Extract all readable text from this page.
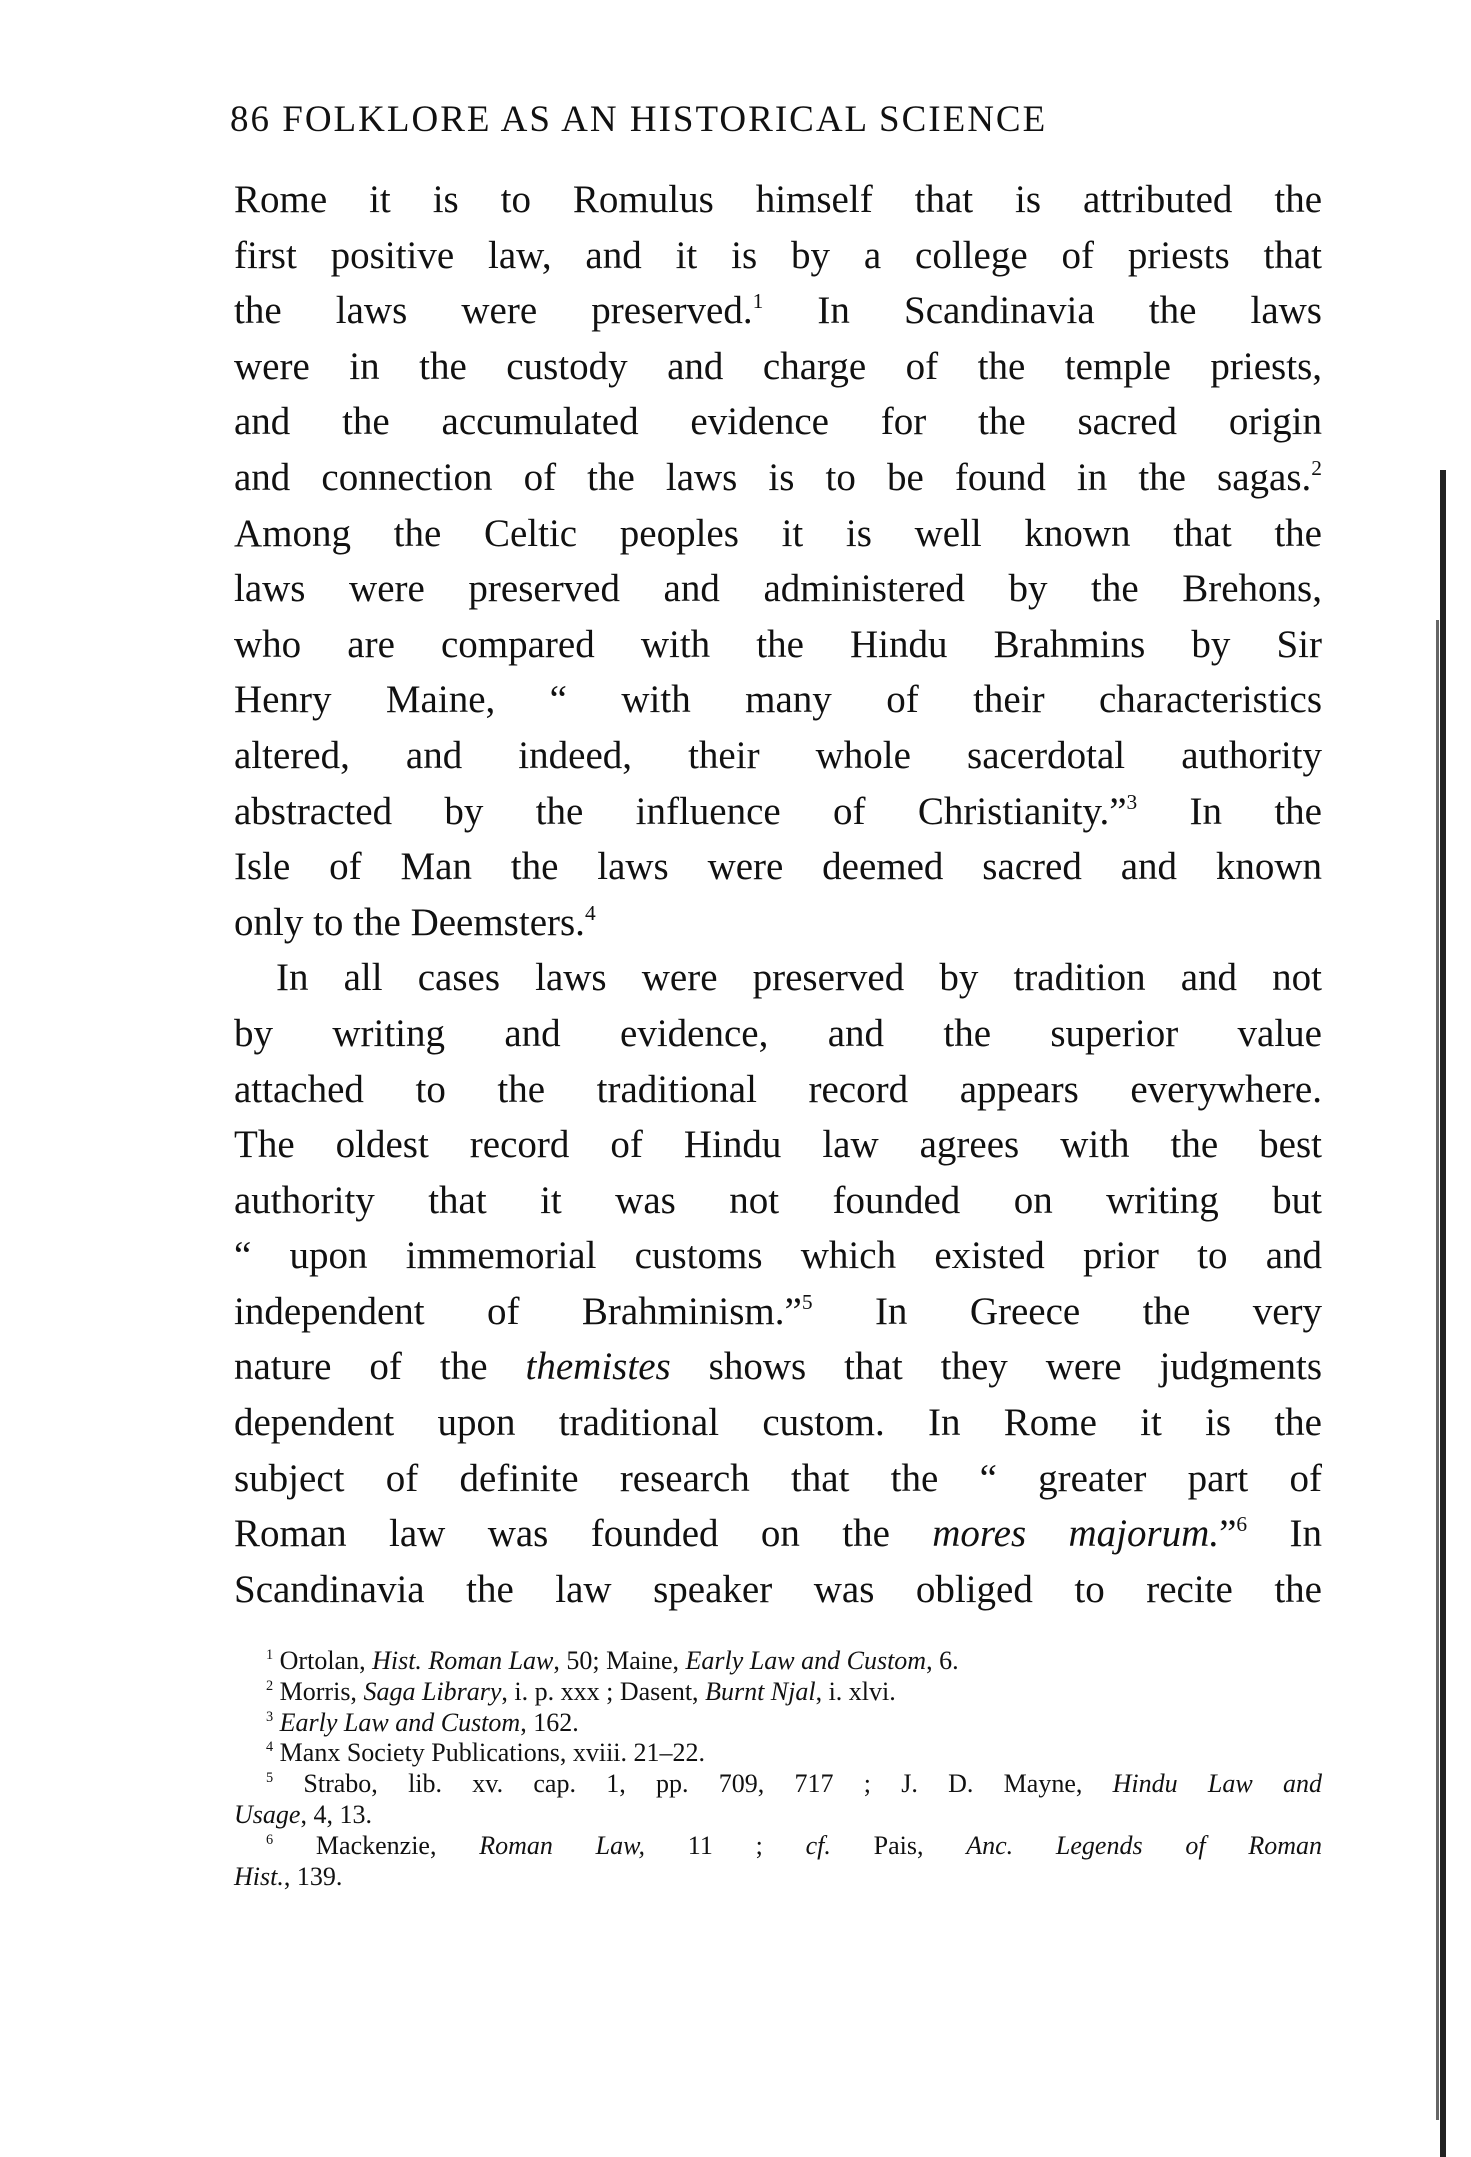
86 FOLKLORE AS AN HISTORICAL SCIENCE
Rome it is to Romulus himself that is attributed the
first positive law, and it is by a college of priests that
the laws were preserved.$^1$ In Scandinavia the laws
were in the custody and charge of the temple priests,
and the accumulated evidence for the sacred origin
and connection of the laws is to be found in the sagas.$^2$
Among the Celtic peoples it is well known that the
laws were preserved and administered by the Brehons,
who are compared with the Hindu Brahmins by Sir
Henry Maine, “ with many of their characteristics
altered, and indeed, their whole sacerdotal authority
abstracted by the influence of Christianity.”$^3$ In the
Isle of Man the laws were deemed sacred and known
only to the Deemsters.$^4$
In all cases laws were preserved by tradition and not
by writing and evidence, and the superior value
attached to the traditional record appears everywhere.
The oldest record of Hindu law agrees with the best
authority that it was not founded on writing but
“ upon immemorial customs which existed prior to and
independent of Brahminism.”$^5$ In Greece the very
nature of the themistes shows that they were judgments
dependent upon traditional custom. In Rome it is the
subject of definite research that the “ greater part of
Roman law was founded on the mores majorum.”$^6$ In
Scandinavia the law speaker was obliged to recite the
$^1$ Ortolan, Hist. Roman Law, 50; Maine, Early Law and Custom, 6.
$^2$ Morris, Saga Library, i. p. xxx ; Dasent, Burnt Njal, i. xlvi.
$^3$ Early Law and Custom, 162.
$^4$ Manx Society Publications, xviii. 21–22.
$^5$ Strabo, lib. xv. cap. 1, pp. 709, 717 ; J. D. Mayne, Hindu Law and
Usage, 4, 13.
$^6$ Mackenzie, Roman Law, 11 ; cf. Pais, Anc. Legends of Roman
Hist., 139.
